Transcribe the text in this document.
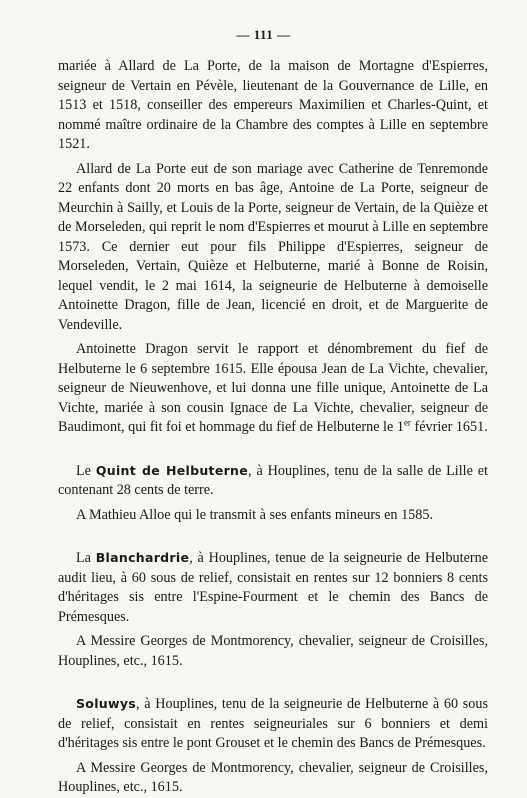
— 111 —

mariée à Allard de La Porte, de la maison de Mortagne d'Espierres, seigneur de Vertain en Pévèle, lieutenant de la Gouvernance de Lille, en 1513 et 1518, conseiller des empereurs Maximilien et Charles-Quint, et nommé maître ordinaire de la Chambre des comptes à Lille en septembre 1521.

Allard de La Porte eut de son mariage avec Catherine de Tenremonde 22 enfants dont 20 morts en bas âge, Antoine de La Porte, seigneur de Meurchin à Sailly, et Louis de la Porte, seigneur de Vertain, de la Quièze et de Morseleden, qui reprit le nom d'Espierres et mourut à Lille en septembre 1573. Ce dernier eut pour fils Philippe d'Espierres, seigneur de Morseleden, Vertain, Quièze et Helbuterne, marié à Bonne de Roisin, lequel vendit, le 2 mai 1614, la seigneurie de Helbuterne à demoiselle Antoinette Dragon, fille de Jean, licencié en droit, et de Marguerite de Vendeville.

Antoinette Dragon servit le rapport et dénombrement du fief de Helbuterne le 6 septembre 1615. Elle épousa Jean de La Vichte, chevalier, seigneur de Nieuwenhove, et lui donna une fille unique, Antoinette de La Vichte, mariée à son cousin Ignace de La Vichte, chevalier, seigneur de Baudimont, qui fit foi et hommage du fief de Helbuterne le 1er février 1651.

Le Quint de Helbuterne, à Houplines, tenu de la salle de Lille et contenant 28 cents de terre.

A Mathieu Alloe qui le transmit à ses enfants mineurs en 1585.

La Blanchardrie, à Houplines, tenue de la seigneurie de Helbuterne audit lieu, à 60 sous de relief, consistait en rentes sur 12 bonniers 8 cents d'héritages sis entre l'Espine-Fourment et le chemin des Bancs de Prémesques.

A Messire Georges de Montmorency, chevalier, seigneur de Croisilles, Houplines, etc., 1615.

Soluwys, à Houplines, tenu de la seigneurie de Helbuterne à 60 sous de relief, consistait en rentes seigneuriales sur 6 bonniers et demi d'héritages sis entre le pont Grouset et le chemin des Bancs de Prémesques.

A Messire Georges de Montmorency, chevalier, seigneur de Croisilles, Houplines, etc., 1615.
